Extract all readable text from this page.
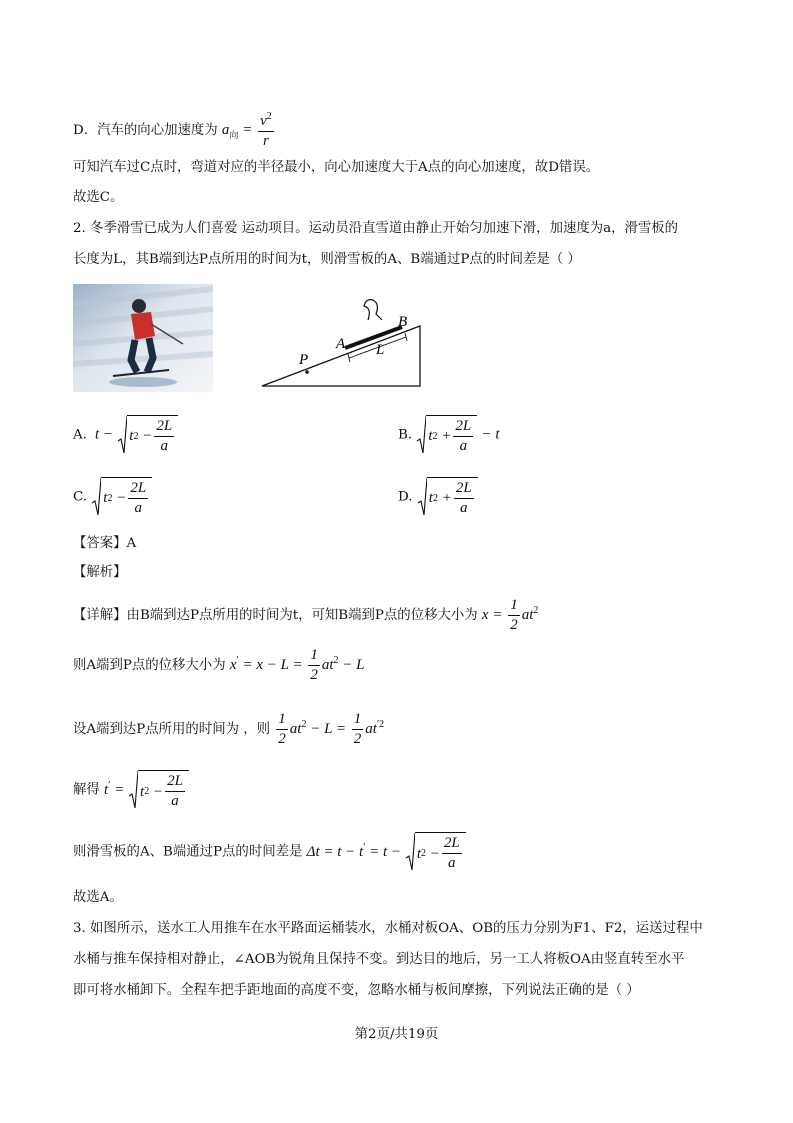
D．汽车的向心加速度为 $a_向 = \frac{v^2}{r}$
可知汽车过C点时，弯道对应的半径最小，向心加速度大于A点的向心加速度，故D错误。
故选C。
2. 冬季滑雪已成为人们喜爱 运动项目。运动员沿直雪道由静止开始匀加速下滑，加速度为a，滑雪板的
长度为L，其B端到达P点所用的时间为t，则滑雪板的A、B端通过P点的时间差是（ ）
P
A
B
L
A.  t − t $2 - \frac{2L}{a}$	B. t $2 + \frac{2L}{a} - t$
C. t $2 - \frac{2L}{a}$	D. t $2 + \frac{2L}{a}$
【答案】A
【解析】
【详解】由B端到达P点所用的时间为t，可知B端到P点的位移大小为 $x = \frac{1}{2} at^2$
则A端到P点的位移大小为 $x' = x - L = \frac{1}{2} at^2 - L$
设A端到达P点所用的时间为 ，则 $\frac{1}{2} at^2 - L = \frac{1}{2} at^{'2}$
解得 t′ = t $2 - \frac{2L}{a}$
则滑雪板的A、B端通过P点的时间差是 Δt = t − t′ = t − t $2 - \frac{2L}{a}$
故选A。
3. 如图所示，送水工人用推车在水平路面运桶装水，水桶对板OA、OB的压力分别为F1、F2，运送过程中
水桶与推车保持相对静止，∠AOB为锐角且保持不变。到达目的地后，另一工人将板OA由竖直转至水平
即可将水桶卸下。全程车把手距地面的高度不变，忽略水桶与板间摩擦，下列说法正确的是（ ）
第2页/共19页
